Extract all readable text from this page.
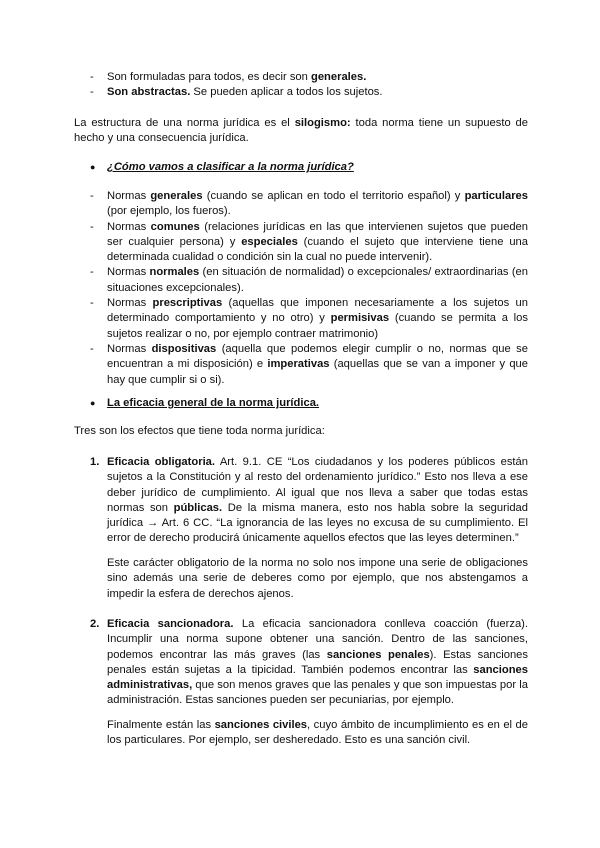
- Son formuladas para todos, es decir son generales.
- Son abstractas. Se pueden aplicar a todos los sujetos.

La estructura de una norma jurídica es el silogismo: toda norma tiene un supuesto de hecho y una consecuencia jurídica.

● ¿Cómo vamos a clasificar a la norma jurídica?
- Normas generales (cuando se aplican en todo el territorio español) y particulares (por ejemplo, los fueros).
- Normas comunes (relaciones jurídicas en las que intervienen sujetos que pueden ser cualquier persona) y especiales (cuando el sujeto que interviene tiene una determinada cualidad o condición sin la cual no puede intervenir).
- Normas normales (en situación de normalidad) o excepcionales/ extraordinarias (en situaciones excepcionales).
- Normas prescriptivas (aquellas que imponen necesariamente a los sujetos un determinado comportamiento y no otro) y permisivas (cuando se permita a los sujetos realizar o no, por ejemplo contraer matrimonio)
- Normas dispositivas (aquella que podemos elegir cumplir o no, normas que se encuentran a mi disposición) e imperativas (aquellas que se van a imponer y que hay que cumplir si o si).
● La eficacia general de la norma jurídica.

Tres son los efectos que tiene toda norma jurídica:

1. Eficacia obligatoria. Art. 9.1. CE “Los ciudadanos y los poderes públicos están sujetos a la Constitución y al resto del ordenamiento jurídico.” Esto nos lleva a ese deber jurídico de cumplimiento. Al igual que nos lleva a saber que todas estas normas son públicas. De la misma manera, esto nos habla sobre la seguridad jurídica → Art. 6 CC. “La ignorancia de las leyes no excusa de su cumplimiento. El error de derecho producirá únicamente aquellos efectos que las leyes determinen.”

Este carácter obligatorio de la norma no solo nos impone una serie de obligaciones sino además una serie de deberes como por ejemplo, que nos abstengamos a impedir la esfera de derechos ajenos.

2. Eficacia sancionadora. La eficacia sancionadora conlleva coacción (fuerza). Incumplir una norma supone obtener una sanción. Dentro de las sanciones, podemos encontrar las más graves (las sanciones penales). Estas sanciones penales están sujetas a la tipicidad. También podemos encontrar las sanciones administrativas, que son menos graves que las penales y que son impuestas por la administración. Estas sanciones pueden ser pecuniarias, por ejemplo.

Finalmente están las sanciones civiles, cuyo ámbito de incumplimiento es en el de los particulares. Por ejemplo, ser desheredado. Esto es una sanción civil.
